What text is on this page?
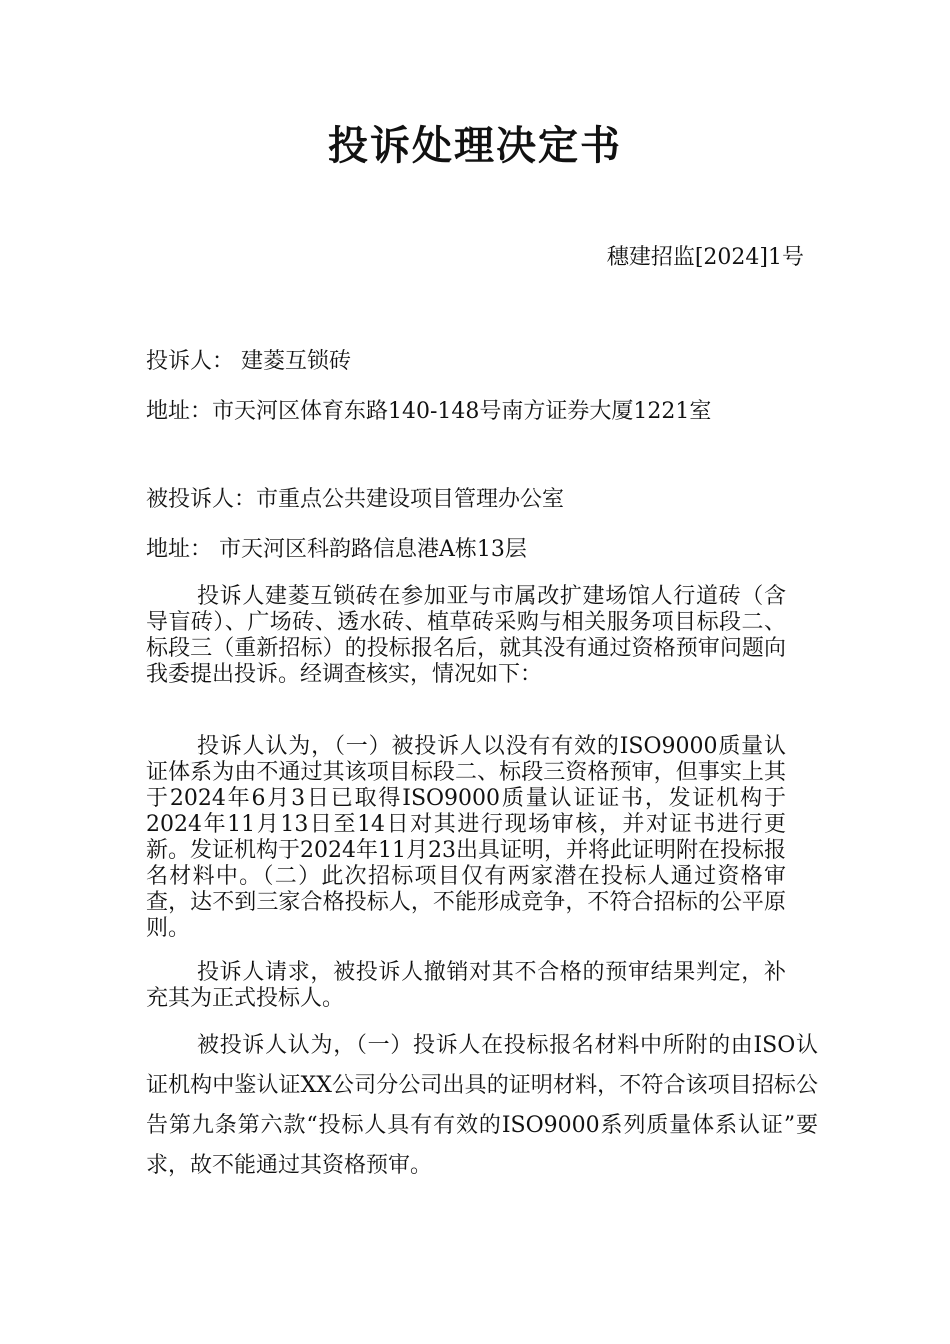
投诉处理决定书
穗建招监[2024]1号
投诉人： 建菱互锁砖
地址：市天河区体育东路140-148号南方证券大厦1221室
被投诉人：市重点公共建设项目管理办公室
地址： 市天河区科韵路信息港A栋13层

投诉人建菱互锁砖在参加亚与市属改扩建场馆人行道砖（含导盲砖）、广场砖、透水砖、植草砖采购与相关服务项目标段二、标段三（重新招标）的投标报名后，就其没有通过资格预审问题向我委提出投诉。经调查核实，情况如下：

投诉人认为，（一）被投诉人以没有有效的ISO9000质量认证体系为由不通过其该项目标段二、标段三资格预审，但事实上其于2024年6月3日已取得ISO9000质量认证证书，发证机构于2024年11月13日至14日对其进行现场审核，并对证书进行更新。发证机构于2024年11月23出具证明，并将此证明附在投标报名材料中。（二）此次招标项目仅有两家潜在投标人通过资格审查，达不到三家合格投标人，不能形成竞争，不符合招标的公平原则。

投诉人请求，被投诉人撤销对其不合格的预审结果判定，补充其为正式投标人。

被投诉人认为，（一）投诉人在投标报名材料中所附的由ISO认证机构中鉴认证XX公司分公司出具的证明材料，不符合该项目招标公告第九条第六款“投标人具有有效的ISO9000系列质量体系认证”要求，故不能通过其资格预审。
